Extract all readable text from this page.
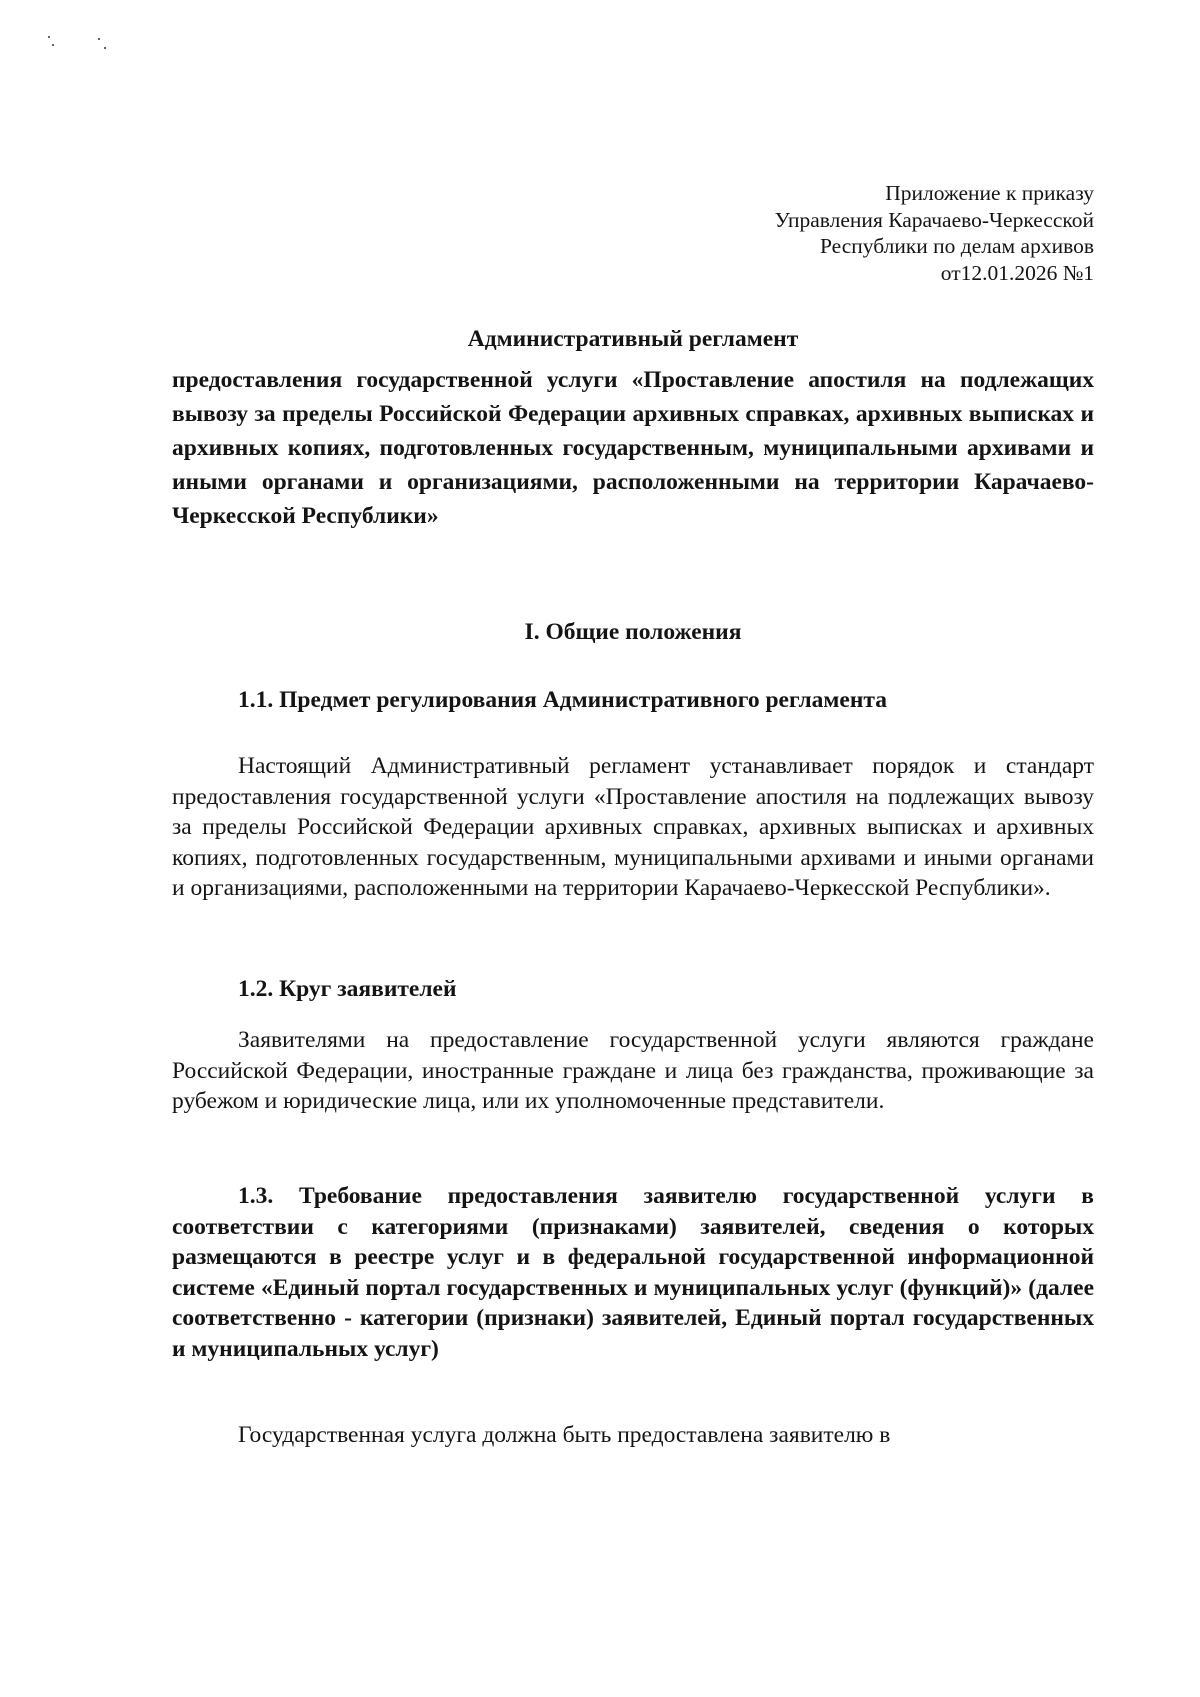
Приложение к приказу
Управления Карачаево-Черкесской
Республики по делам архивов
от12.01.2026 №1
Административный регламент
предоставления государственной услуги «Проставление апостиля на подлежащих вывозу за пределы Российской Федерации архивных справках, архивных выписках и архивных копиях, подготовленных государственным, муниципальными архивами и иными органами и организациями, расположенными на территории Карачаево-Черкесской Республики»
I. Общие положения
1.1. Предмет регулирования Административного регламента
Настоящий Административный регламент устанавливает порядок и стандарт предоставления государственной услуги «Проставление апостиля на подлежащих вывозу за пределы Российской Федерации архивных справках, архивных выписках и архивных копиях, подготовленных государственным, муниципальными архивами и иными органами и организациями, расположенными на территории Карачаево-Черкесской Республики».
1.2. Круг заявителей
Заявителями на предоставление государственной услуги являются граждане Российской Федерации, иностранные граждане и лица без гражданства, проживающие за рубежом и юридические лица, или их уполномоченные представители.
1.3. Требование предоставления заявителю государственной услуги в соответствии с категориями (признаками) заявителей, сведения о которых размещаются в реестре услуг и в федеральной государственной информационной системе «Единый портал государственных и муниципальных услуг (функций)» (далее соответственно - категории (признаки) заявителей, Единый портал государственных и муниципальных услуг)
Государственная услуга должна быть предоставлена заявителю в
